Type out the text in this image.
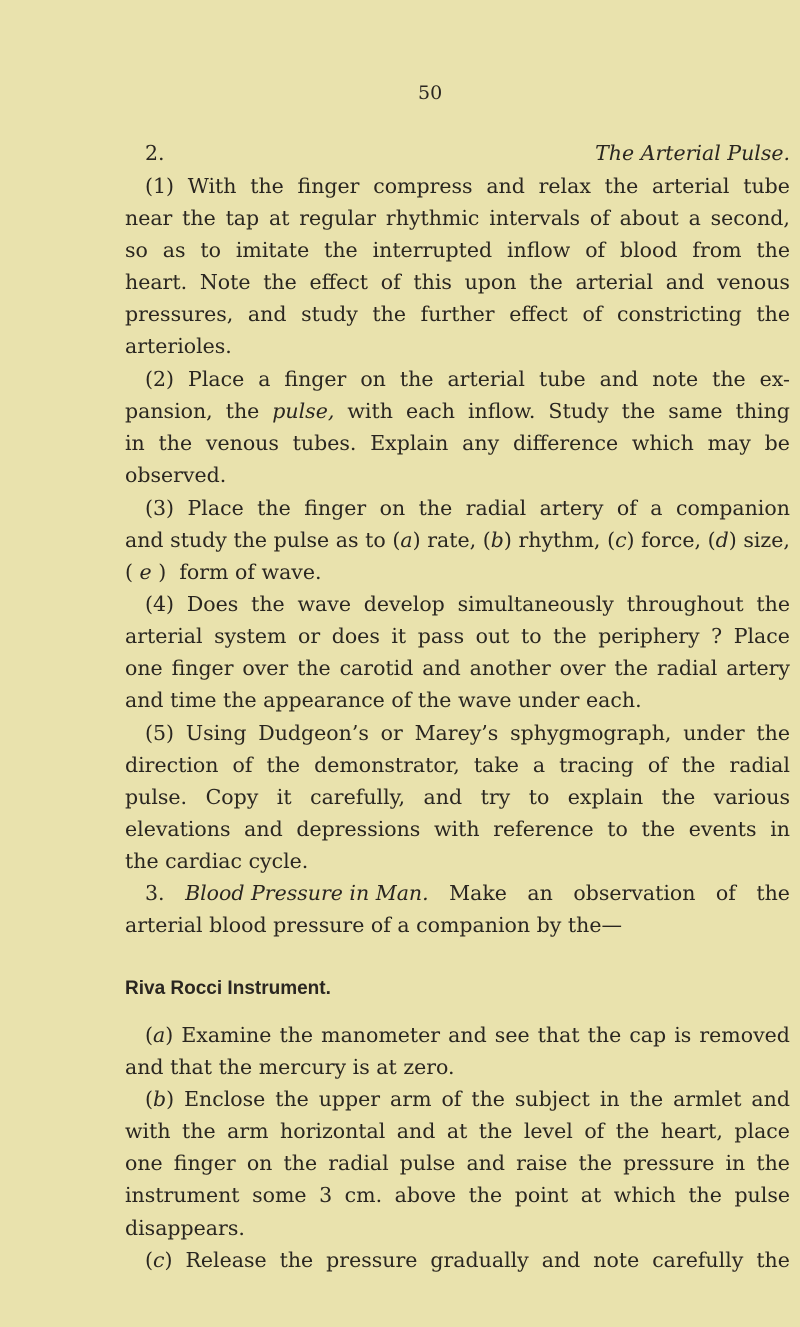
50
2.	The Arterial Pulse.
(1) With the finger compress and relax the arterial tube
near the tap at regular rhythmic intervals of about a second,
so as to imitate the interrupted inflow of blood from the
heart. Note the effect of this upon the arterial and venous
pressures, and study the further effect of constricting the
arterioles.
(2) Place a finger on the arterial tube and note the ex-
pansion, the pulse, with each inflow. Study the same thing
in the venous tubes. Explain any difference which may be
observed.
(3) Place the finger on the radial artery of a companion
and study the pulse as to (a) rate, (b) rhythm, (c) force, (d) size,
( e ) form of wave.
(4) Does the wave develop simultaneously throughout the
arterial system or does it pass out to the periphery ? Place
one finger over the carotid and another over the radial artery
and time the appearance of the wave under each.
(5) Using Dudgeon’s or Marey’s sphygmograph, under the
direction of the demonstrator, take a tracing of the radial
pulse. Copy it carefully, and try to explain the various
elevations and depressions with reference to the events in
the cardiac cycle.
3. Blood Pressure in Man. Make an observation of the
arterial blood pressure of a companion by the—
Riva Rocci Instrument.
(a) Examine the manometer and see that the cap is removed
and that the mercury is at zero.
(b) Enclose the upper arm of the subject in the armlet and
with the arm horizontal and at the level of the heart, place
one finger on the radial pulse and raise the pressure in the
instrument some 3 cm. above the point at which the pulse
disappears.
(c) Release the pressure gradually and note carefully the
